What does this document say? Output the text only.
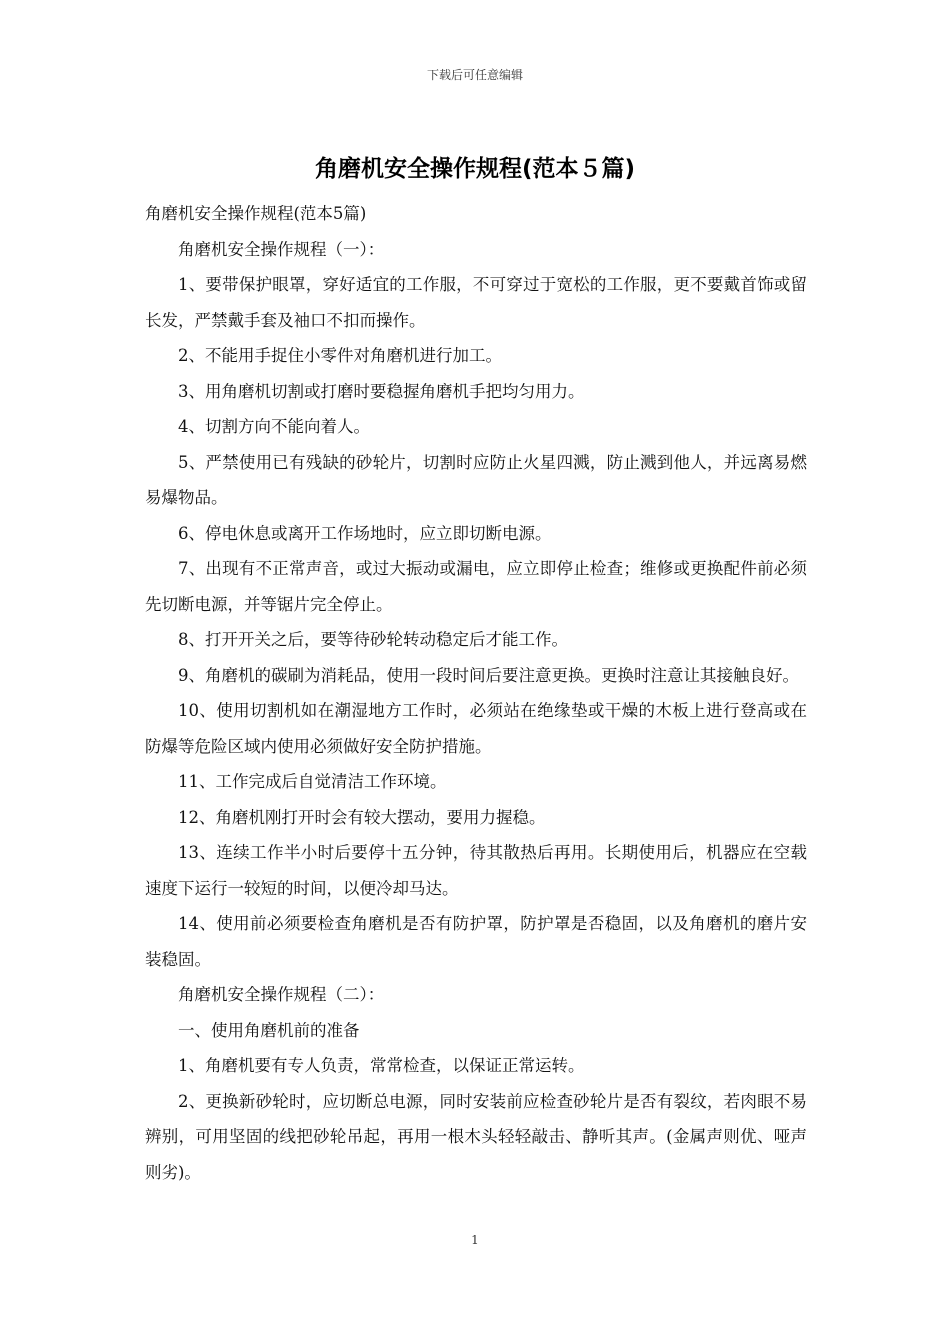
下载后可任意编辑
角磨机安全操作规程(范本５篇)

角磨机安全操作规程(范本5篇)

角磨机安全操作规程（一）：

1、要带保护眼罩，穿好适宜的工作服，不可穿过于宽松的工作服，更不要戴首饰或留长发，严禁戴手套及袖口不扣而操作。

2、不能用手捉住小零件对角磨机进行加工。

3、用角磨机切割或打磨时要稳握角磨机手把均匀用力。

4、切割方向不能向着人。

5、严禁使用已有残缺的砂轮片，切割时应防止火星四溅，防止溅到他人，并远离易燃易爆物品。

6、停电休息或离开工作场地时，应立即切断电源。

7、出现有不正常声音，或过大振动或漏电，应立即停止检查；维修或更换配件前必须先切断电源，并等锯片完全停止。

8、打开开关之后，要等待砂轮转动稳定后才能工作。

9、角磨机的碳刷为消耗品，使用一段时间后要注意更换。更换时注意让其接触良好。

10、使用切割机如在潮湿地方工作时，必须站在绝缘垫或干燥的木板上进行登高或在防爆等危险区域内使用必须做好安全防护措施。

11、工作完成后自觉清洁工作环境。

12、角磨机刚打开时会有较大摆动，要用力握稳。

13、连续工作半小时后要停十五分钟，待其散热后再用。长期使用后，机器应在空载速度下运行一较短的时间，以便冷却马达。

14、使用前必须要检查角磨机是否有防护罩，防护罩是否稳固，以及角磨机的磨片安装稳固。

角磨机安全操作规程（二）：

一、使用角磨机前的准备

1、角磨机要有专人负责，常常检查，以保证正常运转。

2、更换新砂轮时，应切断总电源，同时安装前应检查砂轮片是否有裂纹，若肉眼不易辨别，可用坚固的线把砂轮吊起，再用一根木头轻轻敲击、静听其声。(金属声则优、哑声则劣)。

1
